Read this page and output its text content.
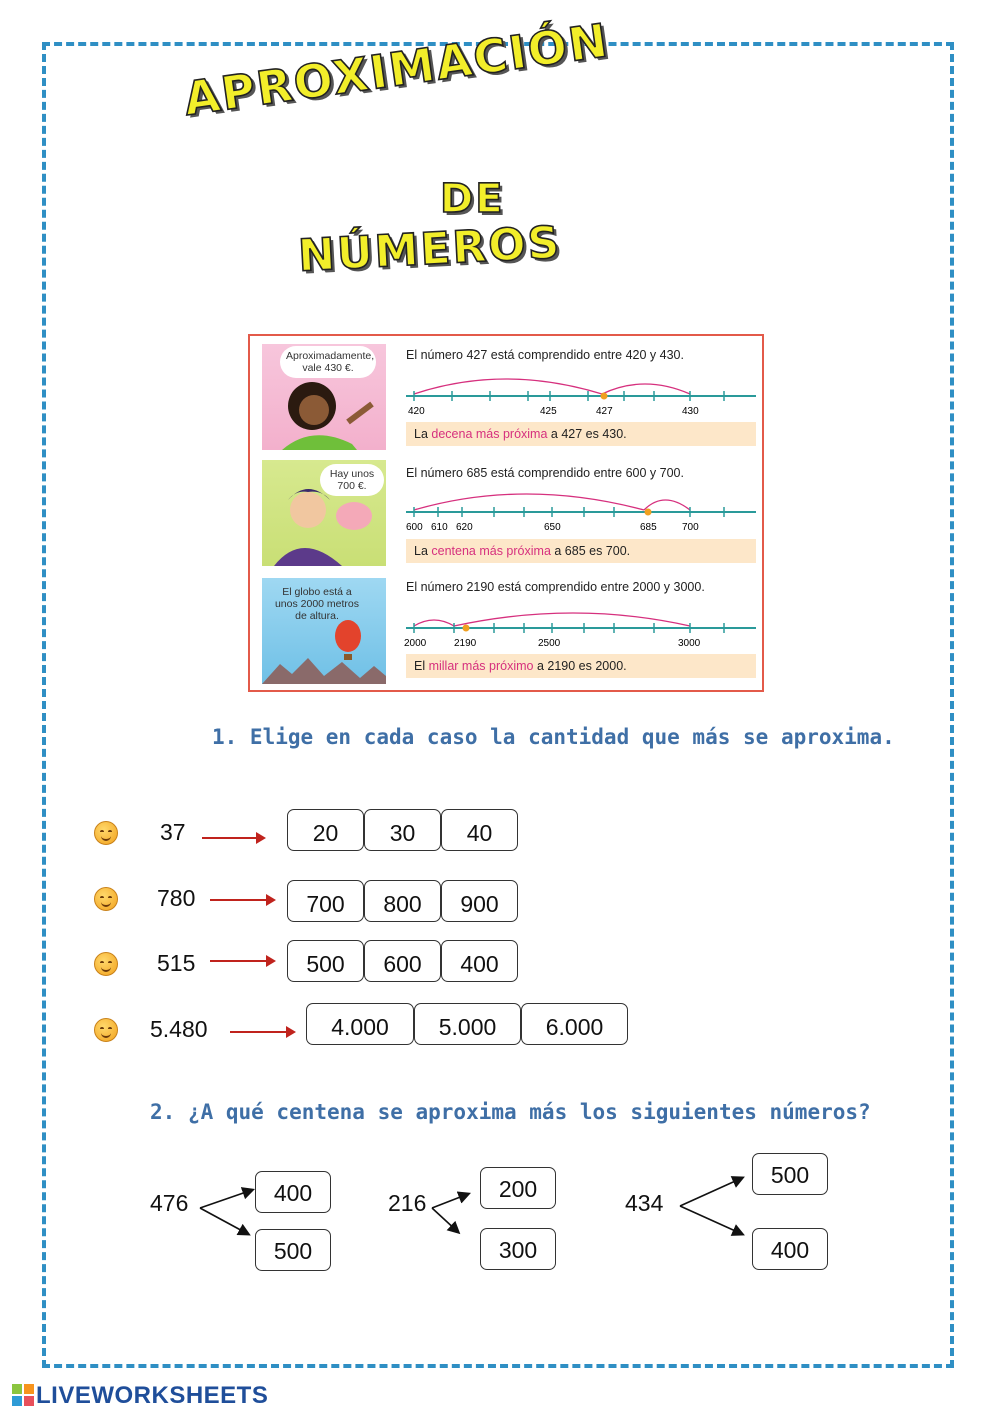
APROXIMACIÓN
DE
NÚMEROS
Aproximadamente, vale 430 €.
El número 427 está comprendido entre 420 y 430.
420	425	427	430
La decena más próxima a 427 es 430.
Hay unos 700 €.
El número 685 está comprendido entre 600 y 700.
600 610 620	650	685	700
La centena más próxima a 685 es 700.
El globo está a unos 2000 metros de altura.
El número 2190 está comprendido entre 2000 y 3000.
2000	2190	2500	3000
El millar más próximo a 2190 es 2000.
1. Elige en cada caso la cantidad que más se aproxima.
37	20	30	40
780	700	800	900
515	500	600	400
5.480	4.000	5.000	6.000
2. ¿A qué centena se aproxima más los siguientes números?
476	400
500
216
200
300
434
500
400
LIVEWORKSHEETS
